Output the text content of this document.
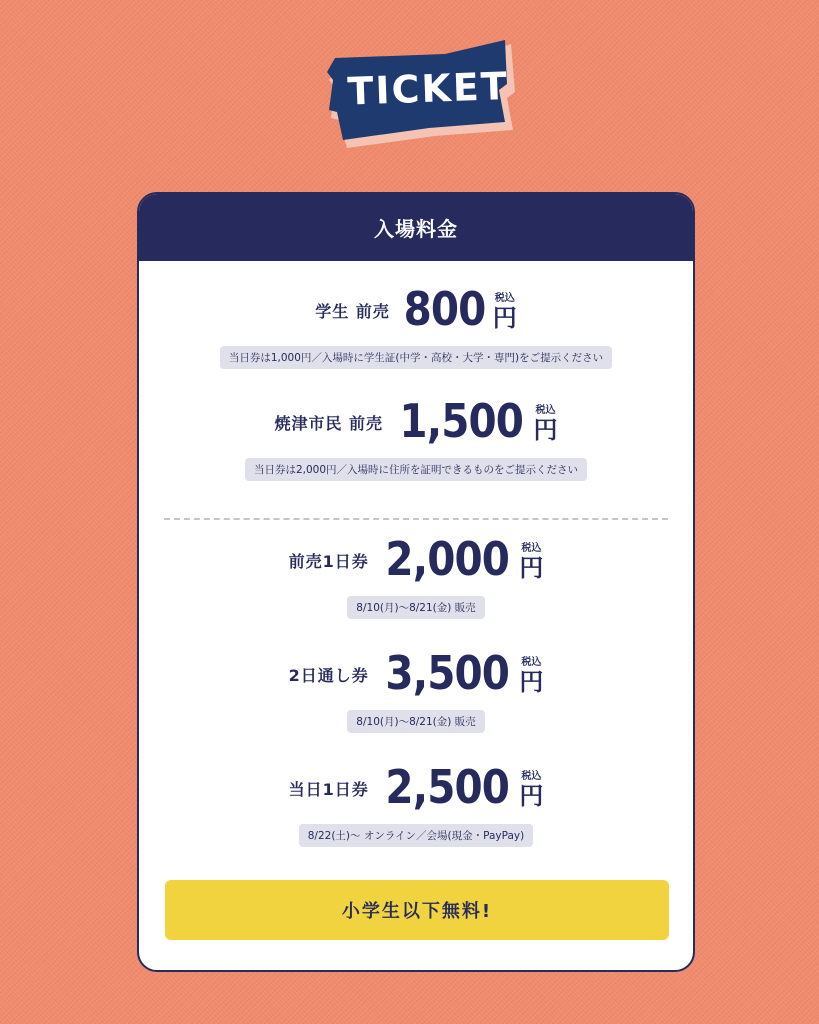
TICKET
入場料金
学生 前売 800 税込
円
当日券は1,000円／入場時に学生証(中学・高校・大学・専門)をご提示ください
焼津市民 前売 1,500 税込
円
当日券は2,000円／入場時に住所を証明できるものをご提示ください
前売1日券 2,000 税込
円
8/10(月)〜8/21(金) 販売
2日通し券 3,500 税込
円
8/10(月)〜8/21(金) 販売
当日1日券 2,500 税込
円
8/22(土)〜 オンライン／会場(現金・PayPay)
小学生以下無料!
